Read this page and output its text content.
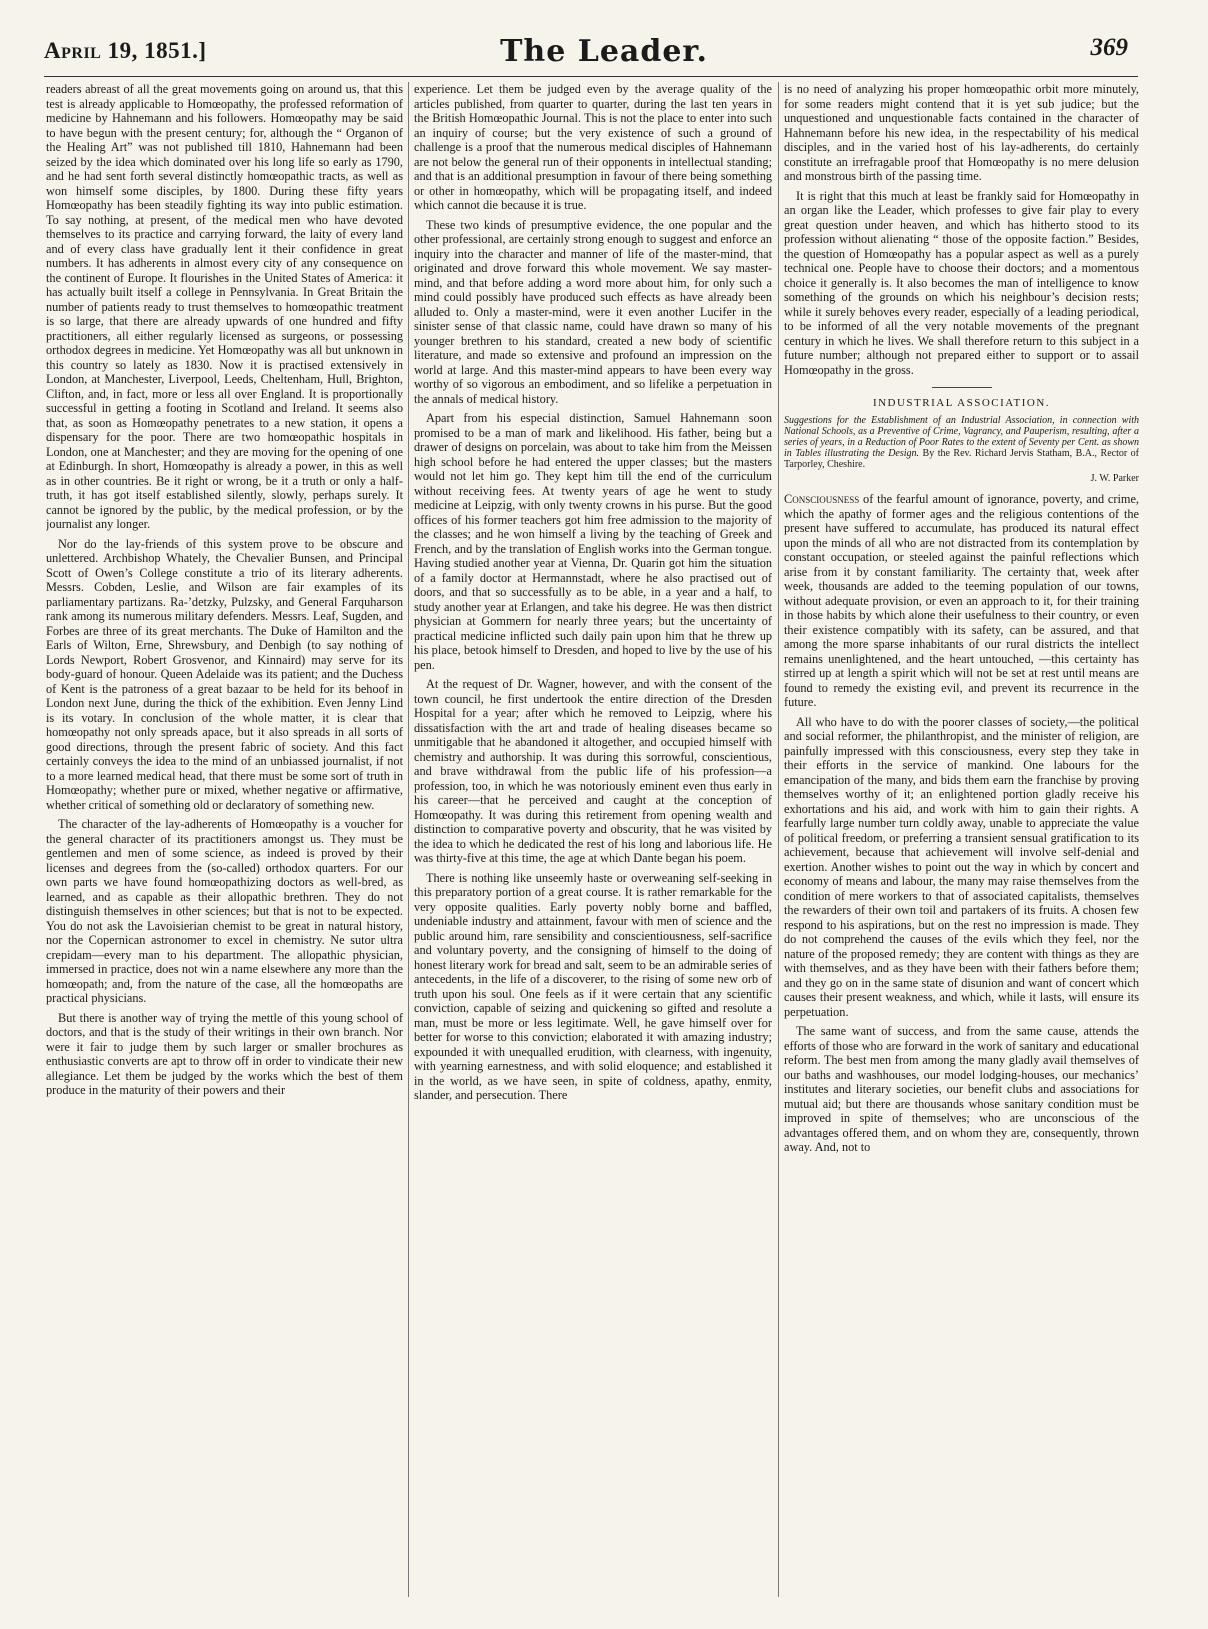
April 19, 1851.]	The Leader.	369

readers abreast of all the great movements going on around us, that this test is already applicable to Homœopathy, the professed reformation of medicine by Hahnemann and his followers. Homœopathy may be said to have begun with the present century; for, although the “ Organon of the Healing Art” was not published till 1810, Hahnemann had been seized by the idea which dominated over his long life so early as 1790, and he had sent forth several distinctly homœopathic tracts, as well as won himself some disciples, by 1800. During these fifty years Homœopathy has been steadily fighting its way into public estimation. To say nothing, at present, of the medical men who have devoted themselves to its practice and carrying forward, the laity of every land and of every class have gradually lent it their confidence in great numbers. It has adherents in almost every city of any consequence on the continent of Europe. It flourishes in the United States of America: it has actually built itself a college in Pennsylvania. In Great Britain the number of patients ready to trust themselves to homœopathic treatment is so large, that there are already upwards of one hundred and fifty practitioners, all either regularly licensed as surgeons, or possessing orthodox degrees in medicine. Yet Homœopathy was all but unknown in this country so lately as 1830. Now it is practised extensively in London, at Manchester, Liverpool, Leeds, Cheltenham, Hull, Brighton, Clifton, and, in fact, more or less all over England. It is proportionally successful in getting a footing in Scotland and Ireland. It seems also that, as soon as Homœopathy penetrates to a new station, it opens a dispensary for the poor. There are two homœopathic hospitals in London, one at Manchester; and they are moving for the opening of one at Edinburgh. In short, Homœopathy is already a power, in this as well as in other countries. Be it right or wrong, be it a truth or only a half-truth, it has got itself established silently, slowly, perhaps surely. It cannot be ignored by the public, by the medical profession, or by the journalist any longer.

Nor do the lay-friends of this system prove to be obscure and unlettered. Archbishop Whately, the Chevalier Bunsen, and Principal Scott of Owen’s College constitute a trio of its literary adherents. Messrs. Cobden, Leslie, and Wilson are fair examples of its parliamentary partizans. Ra-’detzky, Pulzsky, and General Farquharson rank among its numerous military defenders. Messrs. Leaf, Sugden, and Forbes are three of its great merchants. The Duke of Hamilton and the Earls of Wilton, Erne, Shrewsbury, and Denbigh (to say nothing of Lords Newport, Robert Grosvenor, and Kinnaird) may serve for its body-guard of honour. Queen Adelaide was its patient; and the Duchess of Kent is the patroness of a great bazaar to be held for its behoof in London next June, during the thick of the exhibition. Even Jenny Lind is its votary. In conclusion of the whole matter, it is clear that homœopathy not only spreads apace, but it also spreads in all sorts of good directions, through the present fabric of society. And this fact certainly conveys the idea to the mind of an unbiassed journalist, if not to a more learned medical head, that there must be some sort of truth in Homœopathy; whether pure or mixed, whether negative or affirmative, whether critical of something old or declaratory of something new.

The character of the lay-adherents of Homœopathy is a voucher for the general character of its practitioners amongst us. They must be gentlemen and men of some science, as indeed is proved by their licenses and degrees from the (so-called) orthodox quarters. For our own parts we have found homœopathizing doctors as well-bred, as learned, and as capable as their allopathic brethren. They do not distinguish themselves in other sciences; but that is not to be expected. You do not ask the Lavoisierian chemist to be great in natural history, nor the Copernican astronomer to excel in chemistry. Ne sutor ultra crepidam—every man to his department. The allopathic physician, immersed in practice, does not win a name elsewhere any more than the homœopath; and, from the nature of the case, all the homœopaths are practical physicians.

But there is another way of trying the mettle of this young school of doctors, and that is the study of their writings in their own branch. Nor were it fair to judge them by such larger or smaller brochures as enthusiastic converts are apt to throw off in order to vindicate their new allegiance. Let them be judged by the works which the best of them produce in the maturity of their powers and their

experience. Let them be judged even by the average quality of the articles published, from quarter to quarter, during the last ten years in the British Homœopathic Journal. This is not the place to enter into such an inquiry of course; but the very existence of such a ground of challenge is a proof that the numerous medical disciples of Hahnemann are not below the general run of their opponents in intellectual standing; and that is an additional presumption in favour of there being something or other in homœopathy, which will be propagating itself, and indeed which cannot die because it is true.

These two kinds of presumptive evidence, the one popular and the other professional, are certainly strong enough to suggest and enforce an inquiry into the character and manner of life of the master-mind, that originated and drove forward this whole movement. We say master-mind, and that before adding a word more about him, for only such a mind could possibly have produced such effects as have already been alluded to. Only a master-mind, were it even another Lucifer in the sinister sense of that classic name, could have drawn so many of his younger brethren to his standard, created a new body of scientific literature, and made so extensive and profound an impression on the world at large. And this master-mind appears to have been every way worthy of so vigorous an embodiment, and so lifelike a perpetuation in the annals of medical history.

Apart from his especial distinction, Samuel Hahnemann soon promised to be a man of mark and likelihood. His father, being but a drawer of designs on porcelain, was about to take him from the Meissen high school before he had entered the upper classes; but the masters would not let him go. They kept him till the end of the curriculum without receiving fees. At twenty years of age he went to study medicine at Leipzig, with only twenty crowns in his purse. But the good offices of his former teachers got him free admission to the majority of the classes; and he won himself a living by the teaching of Greek and French, and by the translation of English works into the German tongue. Having studied another year at Vienna, Dr. Quarin got him the situation of a family doctor at Hermannstadt, where he also practised out of doors, and that so successfully as to be able, in a year and a half, to study another year at Erlangen, and take his degree. He was then district physician at Gommern for nearly three years; but the uncertainty of practical medicine inflicted such daily pain upon him that he threw up his place, betook himself to Dresden, and hoped to live by the use of his pen.

At the request of Dr. Wagner, however, and with the consent of the town council, he first undertook the entire direction of the Dresden Hospital for a year; after which he removed to Leipzig, where his dissatisfaction with the art and trade of healing diseases became so unmitigable that he abandoned it altogether, and occupied himself with chemistry and authorship. It was during this sorrowful, conscientious, and brave withdrawal from the public life of his profession—a profession, too, in which he was notoriously eminent even thus early in his career—that he perceived and caught at the conception of Homœopathy. It was during this retirement from opening wealth and distinction to comparative poverty and obscurity, that he was visited by the idea to which he dedicated the rest of his long and laborious life. He was thirty-five at this time, the age at which Dante began his poem.

There is nothing like unseemly haste or overweaning self-seeking in this preparatory portion of a great course. It is rather remarkable for the very opposite qualities. Early poverty nobly borne and baffled, undeniable industry and attainment, favour with men of science and the public around him, rare sensibility and conscientiousness, self-sacrifice and voluntary poverty, and the consigning of himself to the doing of honest literary work for bread and salt, seem to be an admirable series of antecedents, in the life of a discoverer, to the rising of some new orb of truth upon his soul. One feels as if it were certain that any scientific conviction, capable of seizing and quickening so gifted and resolute a man, must be more or less legitimate. Well, he gave himself over for better for worse to this conviction; elaborated it with amazing industry; expounded it with unequalled erudition, with clearness, with ingenuity, with yearning earnestness, and with solid eloquence; and established it in the world, as we have seen, in spite of coldness, apathy, enmity, slander, and persecution. There

is no need of analyzing his proper homœopathic orbit more minutely, for some readers might contend that it is yet sub judice; but the unquestioned and unquestionable facts contained in the character of Hahnemann before his new idea, in the respectability of his medical disciples, and in the varied host of his lay-adherents, do certainly constitute an irrefragable proof that Homœopathy is no mere delusion and monstrous birth of the passing time.

It is right that this much at least be frankly said for Homœopathy in an organ like the Leader, which professes to give fair play to every great question under heaven, and which has hitherto stood to its profession without alienating “ those of the opposite faction.” Besides, the question of Homœopathy has a popular aspect as well as a purely technical one. People have to choose their doctors; and a momentous choice it generally is. It also becomes the man of intelligence to know something of the grounds on which his neighbour’s decision rests; while it surely behoves every reader, especially of a leading periodical, to be informed of all the very notable movements of the pregnant century in which he lives. We shall therefore return to this subject in a future number; although not prepared either to support or to assail Homœopathy in the gross.

INDUSTRIAL ASSOCIATION.
Suggestions for the Establishment of an Industrial Association, in connection with National Schools, as a Preventive of Crime, Vagrancy, and Pauperism, resulting, after a series of years, in a Reduction of Poor Rates to the extent of Seventy per Cent. as shown in Tables illustrating the Design. By the Rev. Richard Jervis Statham, B.A., Rector of Tarporley, Cheshire.
J. W. Parker

Consciousness of the fearful amount of ignorance, poverty, and crime, which the apathy of former ages and the religious contentions of the present have suffered to accumulate, has produced its natural effect upon the minds of all who are not distracted from its contemplation by constant occupation, or steeled against the painful reflections which arise from it by constant familiarity. The certainty that, week after week, thousands are added to the teeming population of our towns, without adequate provision, or even an approach to it, for their training in those habits by which alone their usefulness to their country, or even their existence compatibly with its safety, can be assured, and that among the more sparse inhabitants of our rural districts the intellect remains unenlightened, and the heart untouched, —this certainty has stirred up at length a spirit which will not be set at rest until means are found to remedy the existing evil, and prevent its recurrence in the future.

All who have to do with the poorer classes of society,—the political and social reformer, the philanthropist, and the minister of religion, are painfully impressed with this consciousness, every step they take in their efforts in the service of mankind. One labours for the emancipation of the many, and bids them earn the franchise by proving themselves worthy of it; an enlightened portion gladly receive his exhortations and his aid, and work with him to gain their rights. A fearfully large number turn coldly away, unable to appreciate the value of political freedom, or preferring a transient sensual gratification to its achievement, because that achievement will involve self-denial and exertion. Another wishes to point out the way in which by concert and economy of means and labour, the many may raise themselves from the condition of mere workers to that of associated capitalists, themselves the rewarders of their own toil and partakers of its fruits. A chosen few respond to his aspirations, but on the rest no impression is made. They do not comprehend the causes of the evils which they feel, nor the nature of the proposed remedy; they are content with things as they are with themselves, and as they have been with their fathers before them; and they go on in the same state of disunion and want of concert which causes their present weakness, and which, while it lasts, will ensure its perpetuation.

The same want of success, and from the same cause, attends the efforts of those who are forward in the work of sanitary and educational reform. The best men from among the many gladly avail themselves of our baths and washhouses, our model lodging-houses, our mechanics’ institutes and literary societies, our benefit clubs and associations for mutual aid; but there are thousands whose sanitary condition must be improved in spite of themselves; who are unconscious of the advantages offered them, and on whom they are, consequently, thrown away. And, not to
